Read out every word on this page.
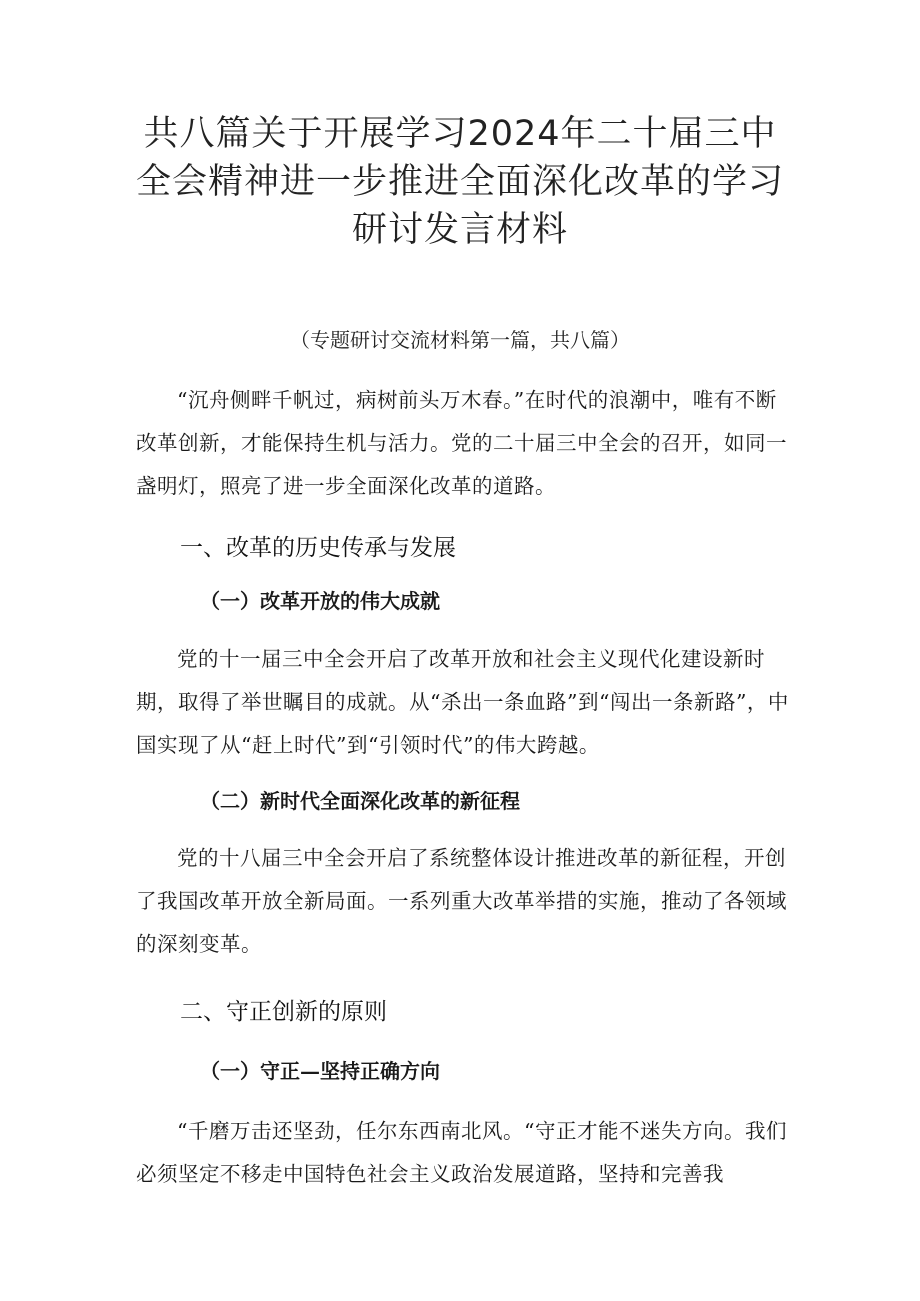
共八篇关于开展学习2024年二十届三中全会精神进一步推进全面深化改革的学习研讨发言材料
（专题研讨交流材料第一篇，共八篇）

“沉舟侧畔千帆过，病树前头万木春。”在时代的浪潮中，唯有不断改革创新，才能保持生机与活力。党的二十届三中全会的召开，如同一盏明灯，照亮了进一步全面深化改革的道路。

一、改革的历史传承与发展
（一）改革开放的伟大成就

党的十一届三中全会开启了改革开放和社会主义现代化建设新时期，取得了举世瞩目的成就。从“杀出一条血路”到“闯出一条新路”，中国实现了从“赶上时代”到“引领时代”的伟大跨越。

（二）新时代全面深化改革的新征程

党的十八届三中全会开启了系统整体设计推进改革的新征程，开创了我国改革开放全新局面。一系列重大改革举措的实施，推动了各领域的深刻变革。

二、守正创新的原则
（一）守正—坚持正确方向

“千磨万击还坚劲，任尔东西南北风。“守正才能不迷失方向。我们必须坚定不移走中国特色社会主义政治发展道路，坚持和完善我
